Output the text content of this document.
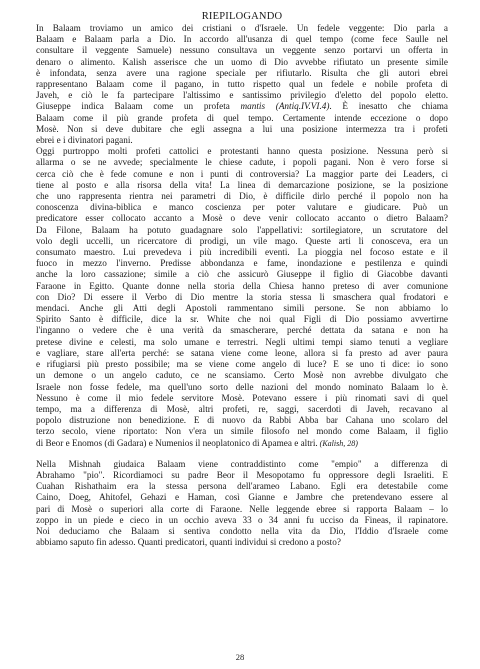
RIEPILOGANDO
In Balaam troviamo un amico dei cristiani o d'Israele. Un fedele veggente: Dio parla a
Balaam e Balaam parla a Dio. In accordo all'usanza di quel tempo (come fece Saulle nel
consultare il veggente Samuele) nessuno consultava un veggente senzo portarvi un offerta in
denaro o alimento. Kalish asserisce che un uomo di Dio avvebbe rifiutato un presente simile
è infondata, senza avere una ragione speciale per rifiutarlo. Risulta che gli autori ebrei
rappresentano Balaam come il pagano, in tutto rispetto qual un fedele e nobile profeta di
Javeh, e ciò le fa partecipare l'altissimo e santissimo privilegio d'eletto del popolo eletto.
Giuseppe indica Balaam come un profeta mantis (Antiq.IV.VI.4). È inesatto che chiama
Balaam come il più grande profeta di quel tempo. Certamente intende eccezione o dopo
Mosè. Non si deve dubitare che egli assegna a lui una posizione intermezza tra i profeti
ebrei e i divinatori pagani.
Oggi purtroppo molti profeti cattolici e protestanti hanno questa posizione. Nessuna però si
allarma o se ne avvede; specialmente le chiese cadute, i popoli pagani. Non è vero forse si
cerca ciò che è fede comune e non i punti di controversia? La maggior parte dei Leaders, ci
tiene al posto e alla risorsa della vita! La linea di demarcazione posizione, se la posizione
che uno rappresenta rientra nei parametri di Dio, è difficile dirlo perché il popolo non ha
conoscenza divina-biblica e manco coscienza per poter valutare e giudicare. Può un
predicatore esser collocato accanto a Mosè o deve venir collocato accanto o dietro Balaam?
Da Filone, Balaam ha potuto guadagnare solo l'appellativi: sortilegiatore, un scrutatore del
volo degli uccelli, un ricercatore di prodigi, un vile mago. Queste arti li conosceva, era un
consumato maestro. Lui prevedeva i più incredibili eventi. La pioggia nel focoso estate e il
fuoco in mezzo l'inverno. Predisse abbondanza e fame, inondazione e pestilenza e quindi
anche la loro cassazione; simile a ciò che assicurò Giuseppe il figlio di Giacobbe davanti
Faraone in Egitto. Quante donne nella storia della Chiesa hanno preteso di aver comunione
con Dio? Di essere il Verbo di Dio mentre la storia stessa li smaschera qual frodatori e
mendaci. Anche gli Atti degli Apostoli rammentano simili persone. Se non abbiamo lo
Spirito Santo è difficile, dice la sr. White che noi qual Figli di Dio possiamo avvertirne
l'inganno o vedere che è una verità da smascherare, perché dettata da satana e non ha
pretese divine e celesti, ma solo umane e terrestri. Negli ultimi tempi siamo tenuti a vegliare
e vagliare, stare all'erta perché: se satana viene come leone, allora si fa presto ad aver paura
e rifugiarsi più presto possibile; ma se viene come angelo di luce? E se uno ti dice: io sono
un demone o un angelo caduto, ce ne scansiamo. Certo Mosè non avrebbe divulgato che
Israele non fosse fedele, ma quell'uno sorto delle nazioni del mondo nominato Balaam lo è.
Nessuno è come il mio fedele servitore Mosè. Potevano essere i più rinomati savi di quel
tempo, ma a differenza di Mosè, altri profeti, re, saggi, sacerdoti di Javeh, recavano al
popolo distruzione non benedizione. E di nuovo da Rabbi Abba bar Cahana uno scolaro del
terzo secolo, viene riportato: Non v'era un simile filosofo nel mondo come Balaam, il figlio
di Beor e Enomos (di Gadara) e Numenios il neoplatonico di Apamea e altri. (Kalish, 28)
Nella Mishnah giudaica Balaam viene contraddistinto come "empio" a differenza di
Abrahamo "pio". Ricordiamoci su padre Beor il Mesopotamo fu oppressore degli Israeliti. E
Cuahan Rishathaim era la stessa persona dell'arameo Labano. Egli era detestabile come
Caino, Doeg, Ahitofel, Gehazi e Haman, così Gianne e Jambre che pretendevano essere al
pari di Mosè o superiori alla corte di Faraone. Nelle leggende ebree si rapporta Balaam – lo
zoppo in un piede e cieco in un occhio aveva 33 o 34 anni fu ucciso da Fineas, il rapinatore.
Noi deduciamo che Balaam si sentiva condotto nella vita da Dio, l'Iddio d'Israele come
abbiamo saputo fin adesso. Quanti predicatori, quanti individui si credono a posto?
28
